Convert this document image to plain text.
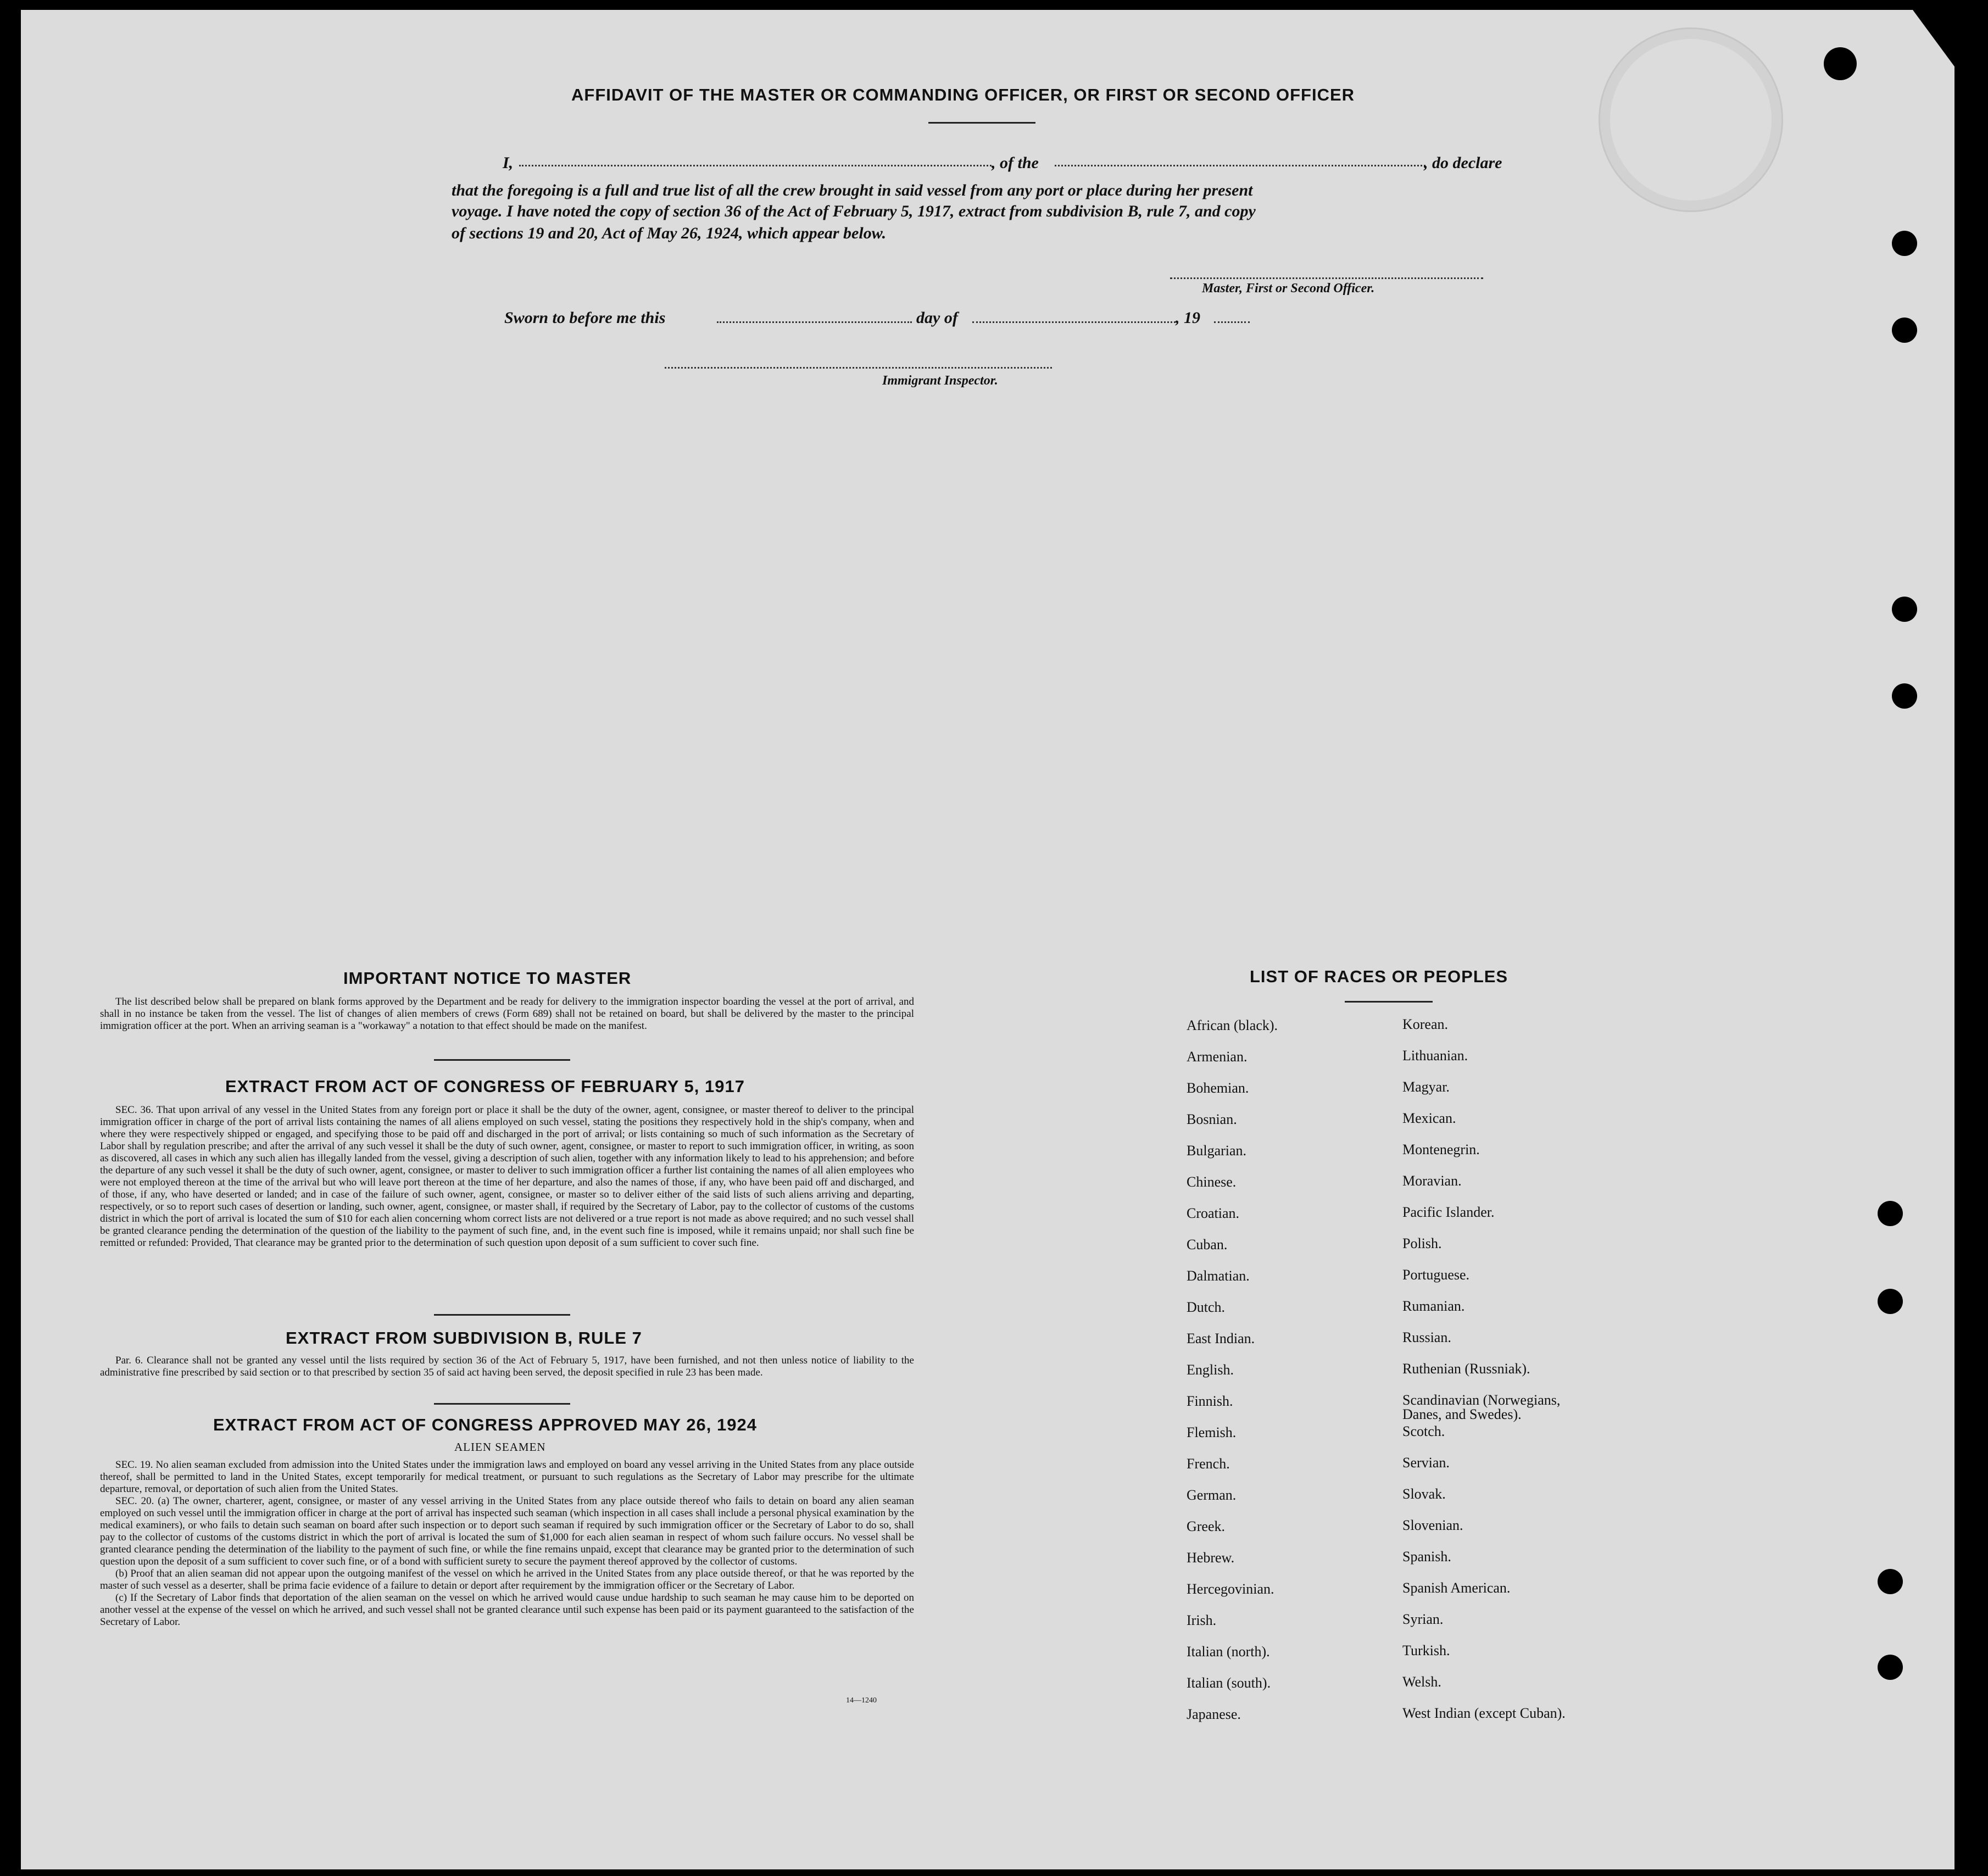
AFFIDAVIT OF THE MASTER OR COMMANDING OFFICER, OR FIRST OR SECOND OFFICER
I,	, of the	, do declare
that the foregoing is a full and true list of all the crew brought in said vessel from any port or place during her present
voyage. I have noted the copy of section 36 of the Act of February 5, 1917, extract from subdivision B, rule 7, and copy
of sections 19 and 20, Act of May 26, 1924, which appear below.
Master, First or Second Officer.
Sworn to before me this	day of	, 19
Immigrant Inspector.
IMPORTANT NOTICE TO MASTER
The list described below shall be prepared on blank forms approved by the Department and be ready for delivery to the immigration inspector boarding the vessel at the port of arrival, and shall in no instance be taken from the vessel. The list of changes of alien members of crews (Form 689) shall not be retained on board, but shall be delivered by the master to the principal immigration officer at the port. When an arriving seaman is a "workaway" a notation to that effect should be made on the manifest.
EXTRACT FROM ACT OF CONGRESS OF FEBRUARY 5, 1917
SEC. 36. That upon arrival of any vessel in the United States from any foreign port or place it shall be the duty of the owner, agent, consignee, or master thereof to deliver to the principal immigration officer in charge of the port of arrival lists containing the names of all aliens employed on such vessel, stating the positions they respectively hold in the ship's company, when and where they were respectively shipped or engaged, and specifying those to be paid off and discharged in the port of arrival; or lists containing so much of such information as the Secretary of Labor shall by regulation prescribe; and after the arrival of any such vessel it shall be the duty of such owner, agent, consignee, or master to report to such immigration officer, in writing, as soon as discovered, all cases in which any such alien has illegally landed from the vessel, giving a description of such alien, together with any information likely to lead to his apprehension; and before the departure of any such vessel it shall be the duty of such owner, agent, consignee, or master to deliver to such immigration officer a further list containing the names of all alien employees who were not employed thereon at the time of the arrival but who will leave port thereon at the time of her departure, and also the names of those, if any, who have been paid off and discharged, and of those, if any, who have deserted or landed; and in case of the failure of such owner, agent, consignee, or master so to deliver either of the said lists of such aliens arriving and departing, respectively, or so to report such cases of desertion or landing, such owner, agent, consignee, or master shall, if required by the Secretary of Labor, pay to the collector of customs of the customs district in which the port of arrival is located the sum of $10 for each alien concerning whom correct lists are not delivered or a true report is not made as above required; and no such vessel shall be granted clearance pending the determination of the question of the liability to the payment of such fine, and, in the event such fine is imposed, while it remains unpaid; nor shall such fine be remitted or refunded: Provided, That clearance may be granted prior to the determination of such question upon deposit of a sum sufficient to cover such fine.
EXTRACT FROM SUBDIVISION B, RULE 7
Par. 6. Clearance shall not be granted any vessel until the lists required by section 36 of the Act of February 5, 1917, have been furnished, and not then unless notice of liability to the administrative fine prescribed by said section or to that prescribed by section 35 of said act having been served, the deposit specified in rule 23 has been made.
EXTRACT FROM ACT OF CONGRESS APPROVED MAY 26, 1924
ALIEN SEAMEN

SEC. 19. No alien seaman excluded from admission into the United States under the immigration laws and employed on board any vessel arriving in the United States from any place outside thereof, shall be permitted to land in the United States, except temporarily for medical treatment, or pursuant to such regulations as the Secretary of Labor may prescribe for the ultimate departure, removal, or deportation of such alien from the United States.

SEC. 20. (a) The owner, charterer, agent, consignee, or master of any vessel arriving in the United States from any place outside thereof who fails to detain on board any alien seaman employed on such vessel until the immigration officer in charge at the port of arrival has inspected such seaman (which inspection in all cases shall include a personal physical examination by the medical examiners), or who fails to detain such seaman on board after such inspection or to deport such seaman if required by such immigration officer or the Secretary of Labor to do so, shall pay to the collector of customs of the customs district in which the port of arrival is located the sum of $1,000 for each alien seaman in respect of whom such failure occurs. No vessel shall be granted clearance pending the determination of the liability to the payment of such fine, or while the fine remains unpaid, except that clearance may be granted prior to the determination of such question upon the deposit of a sum sufficient to cover such fine, or of a bond with sufficient surety to secure the payment thereof approved by the collector of customs.

(b) Proof that an alien seaman did not appear upon the outgoing manifest of the vessel on which he arrived in the United States from any place outside thereof, or that he was reported by the master of such vessel as a deserter, shall be prima facie evidence of a failure to detain or deport after requirement by the immigration officer or the Secretary of Labor.

(c) If the Secretary of Labor finds that deportation of the alien seaman on the vessel on which he arrived would cause undue hardship to such seaman he may cause him to be deported on another vessel at the expense of the vessel on which he arrived, and such vessel shall not be granted clearance until such expense has been paid or its payment guaranteed to the satisfaction of the Secretary of Labor.

14—1240
LIST OF RACES OR PEOPLES
African (black).
Armenian.
Bohemian.
Bosnian.
Bulgarian.
Chinese.
Croatian.
Cuban.
Dalmatian.
Dutch.
East Indian.
English.
Finnish.
Flemish.
French.
German.
Greek.
Hebrew.
Hercegovinian.
Irish.
Italian (north).
Italian (south).
Japanese.
Korean.
Lithuanian.
Magyar.
Mexican.
Montenegrin.
Moravian.
Pacific Islander.
Polish.
Portuguese.
Rumanian.
Russian.
Ruthenian (Russniak).
Scandinavian (Norwegians, Danes, and Swedes).
Scotch.
Servian.
Slovak.
Slovenian.
Spanish.
Spanish American.
Syrian.
Turkish.
Welsh.
West Indian (except Cuban).
